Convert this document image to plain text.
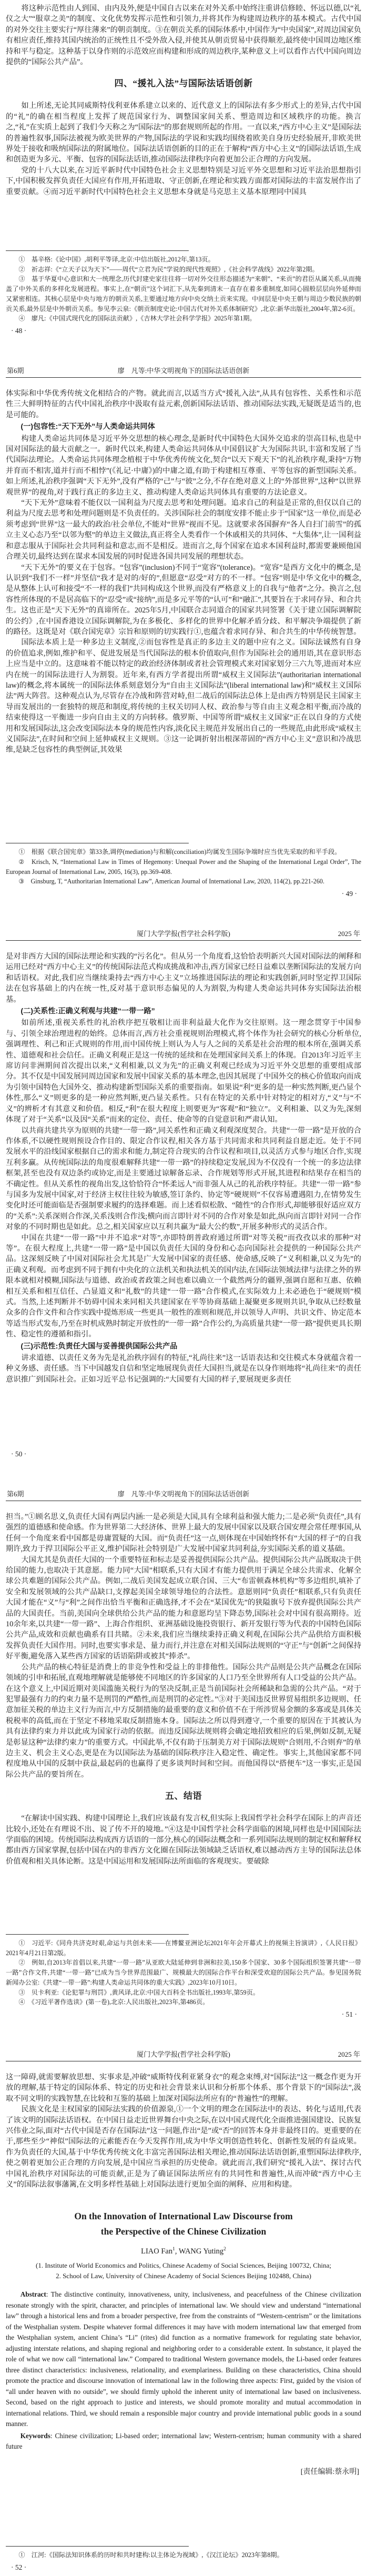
将这种示范性由人到国、由内及外,便是中国自古以来在对外关系中始终注重讲信修睦、怀远以德,以“礼仪之大”“服章之美”的制度、文化优势发挥示范性和引领力,并将其作为构建周边秩序的基本模式。古代中国的对外交往主要实行“厚往薄来”的朝贡制度。③在朝贡关系的国际体系中,中国作为“中央国家”,对周边国家负有相应责任,维持其国内统治的正统性且不受外敌入侵,并使其从朝贡贸易中获得顺差,最终使中国周边地区维持和平与稳定。这种基于以身作则的示范效应而构建和形成的周边秩序,某种意义上可以看作古代中国向周边提供的“国际公共产品”。

四、“援礼入法”与国际法话语创新

如上所述,无论其同威斯特伐利亚体系建立以来的、近代意义上的国际法有多少形式上的差异,古代中国的“礼”的确在相当程度上发挥了规范国家行为、调整国家间关系、塑造周边和区域秩序的功能。换言之,“礼”在实质上起到了我们今天称之为“国际法”的那套规则所起的作用。一直以来,“西方中心主义”是国际法的普遍性叙事,国际法被视为欧美世界的产物,国际法的学说和实践均围绕着欧美自身历史经验展开,非欧美世界处于接收和吸纳国际法的附属地位。国际法话语创新的目的正在于解构“西方中心主义”的国际法话语,生成和创造更为多元、平衡、包容的国际法话语,推动国际法律秩序向着更加公正合理的方向发展。

党的十八大以来,在习近平新时代中国特色社会主义思想特别是习近平外交思想和习近平法治思想指引下,中国积极发挥负责任大国应有作用,开拓进取、守正创新,在理论和实践方面都对国际法的丰富发展作出了重要贡献。④而习近平新时代中国特色社会主义思想本身就是马克思主义基本原理同中国具

①　基辛格:《论中国》,胡利平等译,北京:中信出版社,2012年,第13页。

②　祈志祥:《“立天子以为天下”——周代“立君为民”学说的现代性观照》,《社会科学战线》2022年第2期。

③　基于华夏中心意识和大一统理念,历代封建史家往往将一切对外交往形态描述为“来朝”、“来贡”的君臣从属关系,从而掩盖了中外关系的多样化发展进程。事实上,在“朝贡”这个词汇下,从先秦到清末一直存在着多重制度,如同心圆般层层向外延伸而又紧密相连。其核心层是中央与地方的朝贡关系,主要通过地方向中央交纳土贡来实现。中间层是中央王朝与周边少数民族的朝贡关系,最外层是中外朝贡关系。参见李云泉:《朝贡制度史论:中国古代对外关系体制研究》,北京:新华出版社,2004年,第2-6页。

④　廖凡:《中国式现代化的国际法贡献》,《吉林大学社会科学学报》2025年第1期。

· 48 ·

第6期	廖　凡等:中华文明视角下的国际法话语创新

体实际和中华优秀传统文化相结合的产物。就此而言,以适当方式“援礼入法”,从具有包容性、关系性和示范性三大鲜明特征的古代中国礼治秩序中汲取有益元素,创新国际法话语、推动国际法实践,无疑既是适当的,也是可能的。

(一)包容性:“天下无外”与人类命运共同体

构建人类命运共同体是习近平外交思想的核心理念,是新时代中国特色大国外交追求的崇高目标,也是中国对国际法的最大贡献之一。新时代以来,构建人类命运共同体从中国倡议扩大为国际共识,丰富和发展了当代国际法理论。人类命运共同体理念植根于中华优秀传统文化,契合“以天下观天下”的礼治秩序观,秉持“万物并育而不相害,道并行而不相悖”(《礼记·中庸》)的中庸之道,有助于构建相互尊重、平等包容的新型国际关系。如上所述,礼治秩序强调“天下无外”,没有严格的“己”与“彼”之分,不存在绝对意义上的“外部世界”,这种“以世界观世界”的视角,对于践行真正的多边主义、推动构建人类命运共同体具有重要的方法论意义。

“天下无外”意味着不能仅以一国利益为尺度去思考和处理问题。追求自己的利益是正常的,但仅以自己的利益为尺度去思考和处理问题则是不负责任的。关涉国际社会的制度安排不能止步于“国家”这一单位,而是必须考虑到“世界”这一最大的政治/社会单位,不能对“世界”视而不见。这就要求各国摒弃“各人自扫门前雪”的孤立主义心态乃至“以邻为壑”的单边主义做法,真正将全人类看作一个休戚相关的共同体、“大集体”,让一国利益和意志服从于国际社会共同利益和意志,而不是相反。进而言之,每个国家在追求本国利益时,都需要兼顾他国合理关切,最终达到在谋求本国发展的同时促进各国共同发展的理想状态。

“天下无外”的要义在于包容。“包容”(inclusion)不同于“宽容”(tolerance)。“宽容”是西方文化中的概念,是认识到“我们不一样”并坚信“我才是对的/好的”,但愿意“忍受”对方的不一样。“包容”则是中华文化中的概念,是从整体上认可和接受“不一样的我们”共同构成这个世界,而没有严格意义上的自我与“他者”之分。换言之,包容性所体现的不是居高临下的“忍受”或“接纳”,而是多元平等的“认可”和“融汇”,其要旨在于求同存异、和合共生。这也正是“天下无外”的真谛所在。2025年5月,中国联合志同道合的国家共同签署《关于建立国际调解院的公约》,在中国香港设立国际调解院,为在多极化、多样化的世界中化解矛盾分歧、和平解决争端提供了新的路径。这既是对《联合国宪章》宗旨和原则的切实践行①,也蕴含着求同存异、和合共生的中华传统智慧。

国际法本质上是一种多边主义制度,②而包容性是真正的多边主义的题中应有之义。国际法诚然有自身的价值追求,例如,维护和平、促进发展是当代国际法的根本价值取向,但作为国际社会的通用语,其在意识形态上应当是中立的。这意味着不能以特定的政治经济体制或者社会管理模式来对国家划分三六九等,进而对本应内在统一的国际法进行人为割裂。近年来,有西方学者提出所谓“威权主义国际法”(authoritarian international law)的概念,将本属统一的国际法体系刻意划分为“自由主义国际法”(liberal international law)和“威权主义国际法”两大阵营。这种观点认为,尽管存在冷战和阵营对峙,但二战后的国际法总体上是由西方特别是民主国家主导而发展出的一套独特的规范和制度,将传统的主权关切同人权、政治参与等自由主义观念相平衡,而冷战的结束使得这一平衡进一步向自由主义的方向转移。俄罗斯、中国等所谓“威权主义国家”正在以自身的方式使用和发展国际法,这会改变国际法本身的规范性内容,淡化民主规范并发展出自己的一些规范,由此形成“威权主义国际法”,在时间和空间上延伸威权主义规则。③这一论调折射出根深蒂固的“西方中心主义”意识和冷战思维,是缺乏包容性的典型例证,其效果

①　根据《联合国宪章》第33条,调停(mediation)与和解(conciliation)均属发生国际争端时应当优先采取的和平手段。

②　Krisch, N, “International Law in Times of Hegemony: Unequal Power and the Shaping of the International Legal Order”, The European Journal of International Law, 2005, 16(3), pp.369-408.

③　Ginsburg, T, “Authoritarian International Law”, American Journal of International Law, 2020, 114(2), pp.221-260.

· 49 ·

厦门大学学报(哲学社会科学版)	2025 年

是对非西方大国的国际法理论和实践的“污名化”。但从另一个角度看,这恰恰表明新兴大国对国际法的阐释和运用已经对“西方中心主义”的传统国际法范式构成挑战和冲击,西方国家已经日益难以垄断国际法的发展方向和话语权。对此,我们应当继续秉持去“西方中心主义”立场推进国际法的理论和实践创新,同时坚定捍卫国际法在包容基础上的内在统一性,反对基于意识形态偏见的人为割裂,为构建人类命运共同体夯实国际法治根基。

(二)关系性:正确义利观与共建“一带一路”

如前所述,重视关系性的礼治秩序把互敬相让而非利益最大化作为交往原则。这一理念贯穿于中国参与、引领全球治理进程的始终。总体而言,西方社会重视规则治理模式,将个体作为社会研究的核心分析单位,强调理性、利己和正式规则的作用,而中国传统上则认为人与人之间的关系是社会治理的根本所在,强调关系性、道德观和社会信任。正确义利观正是这一传统的延续和在处理国家间关系上的体现。自2013年习近平主席访问非洲期间首次提出以来,“义利相兼,以义为先”的正确义利观已经成为习近平外交思想的重要组成部分。其不仅是中国发展同周边国家和发展中国家关系的基本理念,也因其展现了中国外交的核心价值取向而成为引领中国特色大国外交、推动构建新型国际关系的重要指南。如果说“利”更多的是一种实然判断,更凸显个体性,那么“义”则更多的是一种应然判断,更凸显关系性。只有在特定的关系中针对特定的相对方,“义”与“不义”的辨析才有其意义和价值。相反,“利”在很大程度上则要更为“客观”和“独立”。义利相兼、以义为先,深刻体现了对于“关系”以及因“关系”而来的定位、责任、使命等的自觉意识和严肃认知。

以共商共建共享为原则的共建“一带一路”,同关系性和正确义利观深度契合。共建“一带一路”是开放的合作体系,不以硬性规则预设合作目的、限定合作议程,相关各方基于共同需求和共同利益自愿走近。处于不同发展水平的沿线国家根据自己的需求和能力,制定符合现实的合作议程和项目,以灵活方式参与地区合作,实现互利多赢。从传统国际法的角度很难解释共建“一带一路”的持续稳定发展,因为不仅没有一个统一的多边法律框架,甚至也没有双边条约或协定,而是主要通过谅解备忘录、合作规划等形式开展,其进程和结果存在相当的不确定性。但从关系性的视角出发,这恰恰符合“怀柔远人”而非强人从己的礼治秩序特征。共建“一带一路”参与国多为发展中国家,对于经济主权往往较为敏感,签订条约、协定等“硬规则”不仅容易遭遇阻力,在情势发生变化时还可能面临是否强制要求履约的选择难题。而上述看似松散、“随性”的合作形式,却能够很好适应双方的“关系”:关系深则合作深,关系浅则合作浅;横向而言即针对不同的合作对象是如此,纵向而言即针对同一合作对象的不同时期也是如此。总之,相关国家应以互利共赢为“最大公约数”,开展多种形式的灵活合作。

中国在共建“一带一路”中并不追求“对等”,亦即特朗普政府通过所谓“对等关税”而孜孜以求的那种“对等”。在很大程度上,共建“一带一路”是中国以负责任大国的身份和心态向国际社会提供的一种国际公共产品。这深刻反映了中国对国际社会尤其是广大发展中国家的责任感、使命感,反映了“义利相兼,以义为先”的正确义利观。而考虑到不同于拥有中央化的立法机关和执法机关的国内法,在国际法领域法律与法律之外的界限本就相对模糊,国际法与道德、政治或者政策之间也难以确立一个截然两分的疆界,强调自愿和互惠、依赖相互关系和相互信任、凸显道义和“礼数”的共建“一带一路”合作模式,在实际效力上未必逊色于“硬规则”模式。当然,上述判断并不妨碍中国未来同相关共建国家在平等协商基础上凝聚更多规则共识,争取从已经数量众多的合作文件和合作实践中提炼形成一些更具一般性的准则和规范,并以领导人声明、共识文件、协定范本等适当形式发布,乃至在时机成熟时制定开放性的“一带一路”合作公约,为高质量共建“一带一路”提供更具长期性、稳定性的遵循和指引。

(三)示范性:负责任大国与妥善提供国际公共产品

讲求道德、以责任义务为先是礼治秩序固有的特征,“礼尚往来”这一话语表达和交往模式本身就蕴含着一种义务感、责任感。当下中国越发自信和坚定地展现负责任大国担当,就是在以身作则地将“礼尚往来”的责任意识推广到国际社会。正如习近平总书记强调的:“大国要有大国的样子,要展现更多责任

· 50 ·

第6期	廖　凡等:中华文明视角下的国际法话语创新

担当。”①顾名思义,负责任大国有两层内涵:一是必须是大国,具有全球利益和强大能力;二是必须“负责任”,具有强烈的道德感和使命感。作为世界第二大经济体、世界上最大的发展中国家以及联合国安理会常任理事国,从任何一个角度来看中国都是毋庸置疑的大国。而“负责任”这一点,则体现在中国始终怀有“大国的样子”的自我期许,致力于捍卫国际公平正义,维护国际社会特别是广大发展中国家共同利益,夯实国际关系的道义基础。

大国尤其是负责任大国的一个重要特征和标志是妥善提供国际公共产品。提供国际公共产品既取决于供给国的能力,也取决于其意愿。能力同“大国”相联系,只有大国才有能力提供用于满足全球公共需求、化解全球公共难题的国际公共产品。例如,二战后美国发起成立联合国、三大“布雷顿森林机构”等多边组织,填补了安全和发展领域的公共产品缺口,支撑起美国全球领导地位的合法性。意愿则同“负责任”相联系,只有负责任大国才能在“义”与“利”之间作出恰当平衡和正确选择,才不会在“某国优先”的狭隘旗号下放弃提供国际公共产品的大国责任。当前,美国向全球供给公共产品的能力和意愿均呈下降态势,国际社会对中国有很高期待。近10余年来,以共建“一带一路”、上海合作组织、亚洲基础设施投资银行、新开发银行等为代表的中国特色国际公共产品,成效和贡献也确系有目共睹。②未来,我们应当继续秉持正确义利观,在国际公共产品供给方面积极发挥负责任大国作用。同时,也要实事求是、量力而行,并注意在对相关国际法规则的“守正”与“创新”之间保持好平衡,避免落入某些西方国家的话语陷阱或被其“捧杀”。

公共产品的核心特征是消费上的非竞争性和受益上的非排他性。国际公共产品则是公共产品概念在国际领域的引申和拓展,直观地理解就是能够使不同地区的许多国家的人口乃至全世界所有人口受益的公共产品。在这个意义上,中国近期对美国滥施关税行为的坚决反制,正是当前国际社会所稀缺和急需的公共产品。“对于犯罪最强有力的约束力量不是刑罚的严酷性,而是刑罚的必定性。”③对于美国违反世界贸易组织多边规则、任意加征关税的单边主义行为而言,中方反制措施的最重要的意义和价值不在于所涉贸易金额的多寡或是具体关税税率的高低,而在于坚定不移地采取反制措施本身。国际法之所以得到遵守,一个重要的原因在于其被认为具有法律约束力并以此成为国家行动的依据。而违反国际法规则将会确定地招致相应的后果,例如反制,无疑是彰显这种“法律约束力”的重要方式。中国此举,不仅有助于压制美方对于国际法规则“合则用,不合则弃”的单边主义、机会主义心态,更是在为以国际法为基础的国际秩序注入稳定性、确定性。事实上,其他国家都不同程度地从中国的反制中获益,最起码的也赢得了更多谈判时间和空间。而他国得以“搭便车”这一事实,正是国际公共产品的要旨所在。

五、结语

“在解读中国实践、构建中国理论上,我们应该最有发言权,但实际上我国哲学社会科学在国际上的声音还比较小,还处在有理说不出、说了传不开的境地。”④这是中国哲学社会科学面临的困境,同样也是中国国际法学面临的困境。传统国际法构成西方话语的一部分,核心的国际法概念和一系列国际法规则的制定权和解释权都由西方国家掌握,包括中国在内的非西方文化圈在国际法领域缺乏话语权,难以撼动西方主导的国际法总体价值观和相关具体论断。这是中国运用和发展国际法所面临的客观现实。要破除

①　习近平:《同舟共济克时艰,命运与共创未来——在博鳌亚洲论坛2021年年会开幕式上的视频主旨演讲》,《人民日报》2021年4月21日第2版。

②　例如,自2013年首倡以来,共建“一带一路”从亚欧大陆延伸到非洲和拉美,150多个国家、30多个国际组织签署共建“一带一路”合作文件,共建“一带一路”已成为当今世界范围最广、规模最大的国际合作平台和深受欢迎的国际公共产品。参见国务院新闻办公室:《共建“一带一路”:构建人类命运共同体的重大实践》,2023年10月10日。

③　贝卡利亚:《论犯罪与刑罚》,黄风译,北京:中国大百科全书出版社,1993年,第59页。

④　《习近平著作选读》(第一卷),北京:人民出版社,2023年,第486页。

· 51 ·

厦门大学学报(哲学社会科学版)	2025 年

这一障碍,就需要解放思想、实事求是,冲破“威斯特伐利亚紧身衣”的观念束缚,对“国际法”这一概念作更为开放的理解,基于特定的国际体系、特定的历史和社会背景来认识和分析那个体系、那个背景下的“国际法”,汲取不同文明的实践智慧,在比较和互鉴的基础上加深对国际法所应有的“普遍性”的理解。

民族文化是主权国家的国际法实践的价值源泉,①一个文明的理念在国际法中的表达、转化与适用,代表了该文明的国际法话语权。在中国日益走近世界舞台中央之际,在以中国式现代化全面推进强国建设、民族复兴伟业之际,面对“古代中国是否存在国际法”这一问题,作出“是”或“否”的回答本身并非最终目的。更重要的在于,那些至少“神似”国际法的元素能否在今天发挥作用,成为中华文明创造性转化、创新性发展的有益成果。作为负责任的大国,基于中华优秀传统文化丰富完善国际法相关理论,推动国际法话语创新,重塑国际法律秩序,使之朝着更加公正合理的方向发展,是中国应当承担的历史使命。就此而言,我们研究“援礼入法”、探讨古代中国礼治秩序对国际法的可能贡献,正是为了确证国际法所应有的共同性和普遍性,从而冲破“西方中心主义”的国际法叙事藩篱,在文明多样性基础上对国际法进行更加全面的阐释、应用和构建。

On the Innovation of International Law Discourse from
the Perspective of the Chinese Civilization

LIAO Fan$^1$, WANG Yuting$^2$

(1. Institute of World Economics and Politics, Chinese Academy of Social Sciences, Beijing 100732, China;
2. School of Law, University of Chinese Academy of Social Sciences Beijing 102488, China)

Abstract: The distinctive continuity, innovativeness, unity, inclusiveness, and peacefulness of the Chinese civilization resonate strongly with the spirit, character, and principles of international law. We should view and understand “international law” through a historical lens and from a broader perspective, free from the constraints of “Western-centrism” or the limitations of the Westphalian system. Despite whatever formal differences it may have with modern international law that emerged from the Westphalian system, ancient China’s “Li” (rites) did function as a normative framework for regulating state behavior, adjusting interstate relations, and shaping regional and neighboring order to a considerable extent. In substance, it played the role of what we now call “international law.” Compared to traditional Western governance models, the Li-based order features three distinct characteristics: inclusiveness, relationality, and exemplariness. Building on these characteristics, China should promote the practice and discourse innovation of international law in the following three aspects: First, guided by the vision of “all under heaven with no outside”, we should firmly uphold the inherent unity of international law based on inclusiveness. Second, based on the right approach to justice and interests, we should promote morality and mutual accommodation in international relations. Third, we should remain a responsible major country and provide international public goods in a sound manner.

Keywords: Chinese civilization; Li-based order; international law; Western-centrism; human community with a shared future

[责任编辑:蔡永明]

①　江河:《国际法知识体系的历时和共时建构:以主体论为视域》,《汉江论坛》2023年第8期。

· 52 ·
